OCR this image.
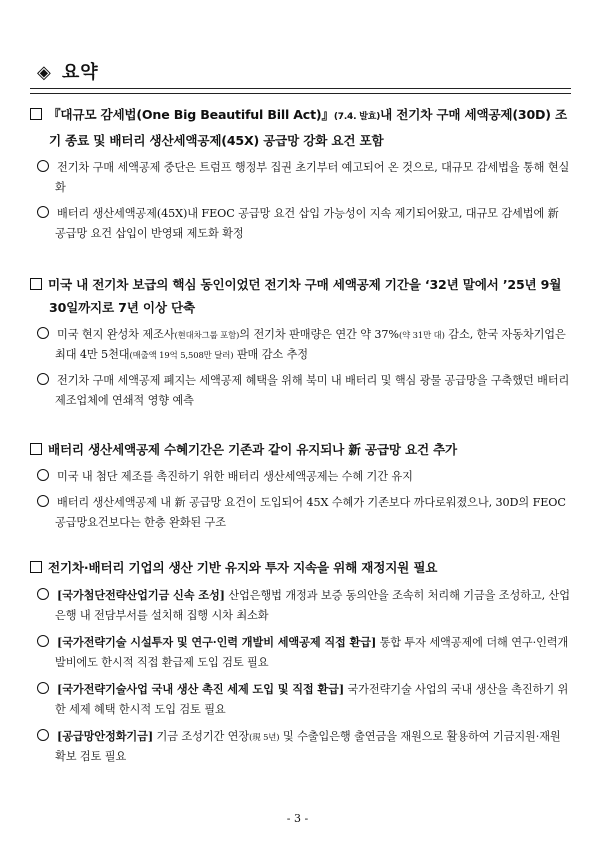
◈ 요약
『대규모 감세법(One Big Beautiful Bill Act)』(7.4. 발효)내 전기차 구매 세액공제(30D) 조기 종료 및 배터리 생산세액공제(45X) 공급망 강화 요건 포함
전기차 구매 세액공제 중단은 트럼프 행정부 집권 초기부터 예고되어 온 것으로, 대규모 감세법을 통해 현실화
배터리 생산세액공제(45X)내 FEOC 공급망 요건 삽입 가능성이 지속 제기되어왔고, 대규모 감세법에 新 공급망 요건 삽입이 반영돼 제도화 확정
미국 내 전기차 보급의 핵심 동인이었던 전기차 구매 세액공제 기간을 ‘32년 말에서 ’25년 9월 30일까지로 7년 이상 단축
미국 현지 완성차 제조사(현대차그룹 포함)의 전기차 판매량은 연간 약 37%(약 31만 대) 감소, 한국 자동차기업은 최대 4만 5천대(매출액 19억 5,508만 달러) 판매 감소 추정
전기차 구매 세액공제 폐지는 세액공제 혜택을 위해 북미 내 배터리 및 핵심 광물 공급망을 구축했던 배터리 제조업체에 연쇄적 영향 예측
배터리 생산세액공제 수혜기간은 기존과 같이 유지되나 新 공급망 요건 추가
미국 내 첨단 제조를 촉진하기 위한 배터리 생산세액공제는 수혜 기간 유지
배터리 생산세액공제 내 新 공급망 요건이 도입되어 45X 수혜가 기존보다 까다로워졌으나, 30D의 FEOC 공급망요건보다는 한층 완화된 구조
전기차·배터리 기업의 생산 기반 유지와 투자 지속을 위해 재정지원 필요
[국가첨단전략산업기금 신속 조성] 산업은행법 개정과 보증 동의안을 조속히 처리해 기금을 조성하고, 산업은행 내 전담부서를 설치해 집행 시차 최소화
[국가전략기술 시설투자 및 연구·인력 개발비 세액공제 직접 환급] 통합 투자 세액공제에 더해 연구·인력개발비에도 한시적 직접 환급제 도입 검토 필요
[국가전략기술사업 국내 생산 촉진 세제 도입 및 직접 환급] 국가전략기술 사업의 국내 생산을 촉진하기 위한 세제 혜택 한시적 도입 검토 필요
[공급망안정화기금] 기금 조성기간 연장(現 5년) 및 수출입은행 출연금을 재원으로 활용하여 기금지원·재원확보 검토 필요
- 3 -
